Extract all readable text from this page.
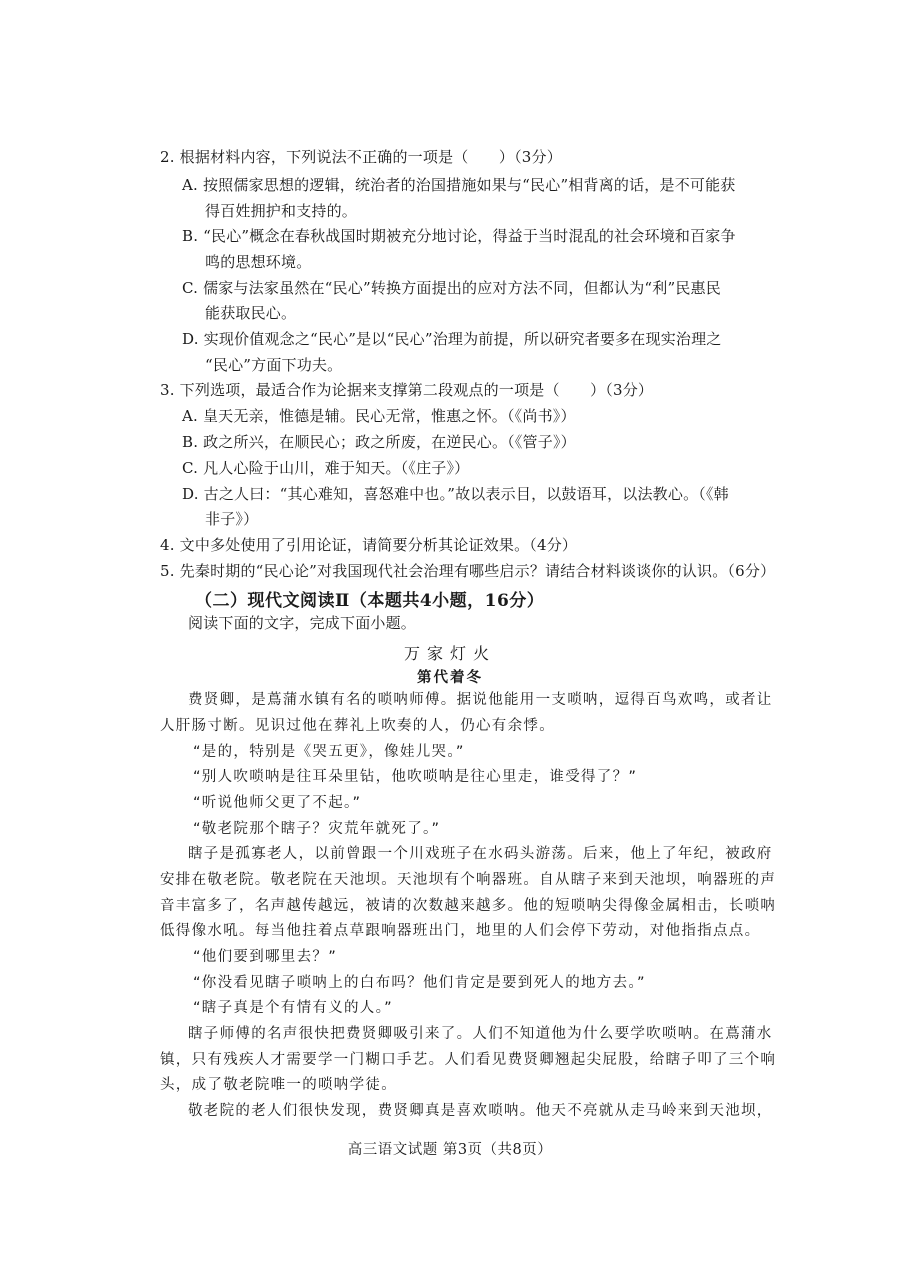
2. 根据材料内容，下列说法不正确的一项是（　　）（3分）
A. 按照儒家思想的逻辑，统治者的治国措施如果与“民心”相背离的话，是不可能获
得百姓拥护和支持的。
B. “民心”概念在春秋战国时期被充分地讨论，得益于当时混乱的社会环境和百家争
鸣的思想环境。
C. 儒家与法家虽然在“民心”转换方面提出的应对方法不同，但都认为“利”民惠民
能获取民心。
D. 实现价值观念之“民心”是以“民心”治理为前提，所以研究者要多在现实治理之
“民心”方面下功夫。
3. 下列选项，最适合作为论据来支撑第二段观点的一项是（　　）（3分）
A. 皇天无亲，惟德是辅。民心无常，惟惠之怀。（《尚书》）
B. 政之所兴，在顺民心；政之所废，在逆民心。（《管子》）
C. 凡人心险于山川，难于知天。（《庄子》）
D. 古之人曰：“其心难知，喜怒难中也。”故以表示目，以鼓语耳，以法教心。（《韩
非子》）
4. 文中多处使用了引用论证，请简要分析其论证效果。（4分）
5. 先秦时期的“民心论”对我国现代社会治理有哪些启示？请结合材料谈谈你的认识。（6分）
（二）现代文阅读Ⅱ（本题共4小题，16分）
阅读下面的文字，完成下面小题。
万家灯火
第代着冬
费贤卿，是蔦蒲水镇有名的唢呐师傅。据说他能用一支唢呐，逗得百鸟欢鸣，或者让
人肝肠寸断。见识过他在葬礼上吹奏的人，仍心有余悸。
“是的，特别是《哭五更》，像娃儿哭。”
“别人吹唢呐是往耳朵里钻，他吹唢呐是往心里走，谁受得了？”
“听说他师父更了不起。”
“敬老院那个瞎子？灾荒年就死了。”
瞎子是孤寡老人，以前曾跟一个川戏班子在水码头游荡。后来，他上了年纪，被政府
安排在敬老院。敬老院在天池坝。天池坝有个响器班。自从瞎子来到天池坝，响器班的声
音丰富多了，名声越传越远，被请的次数越来越多。他的短唢呐尖得像金属相击，长唢呐
低得像水吼。每当他拄着点草跟响器班出门，地里的人们会停下劳动，对他指指点点。
“他们要到哪里去？”
“你没看见瞎子唢呐上的白布吗？他们肯定是要到死人的地方去。”
“瞎子真是个有情有义的人。”
瞎子师傅的名声很快把费贤卿吸引来了。人们不知道他为什么要学吹唢呐。在蔦蒲水
镇，只有残疾人才需要学一门糊口手艺。人们看见费贤卿翘起尖屁股，给瞎子叩了三个响
头，成了敬老院唯一的唢呐学徒。
敬老院的老人们很快发现，费贤卿真是喜欢唢呐。他天不亮就从走马岭来到天池坝，
高三语文试题 第3页（共8页）
